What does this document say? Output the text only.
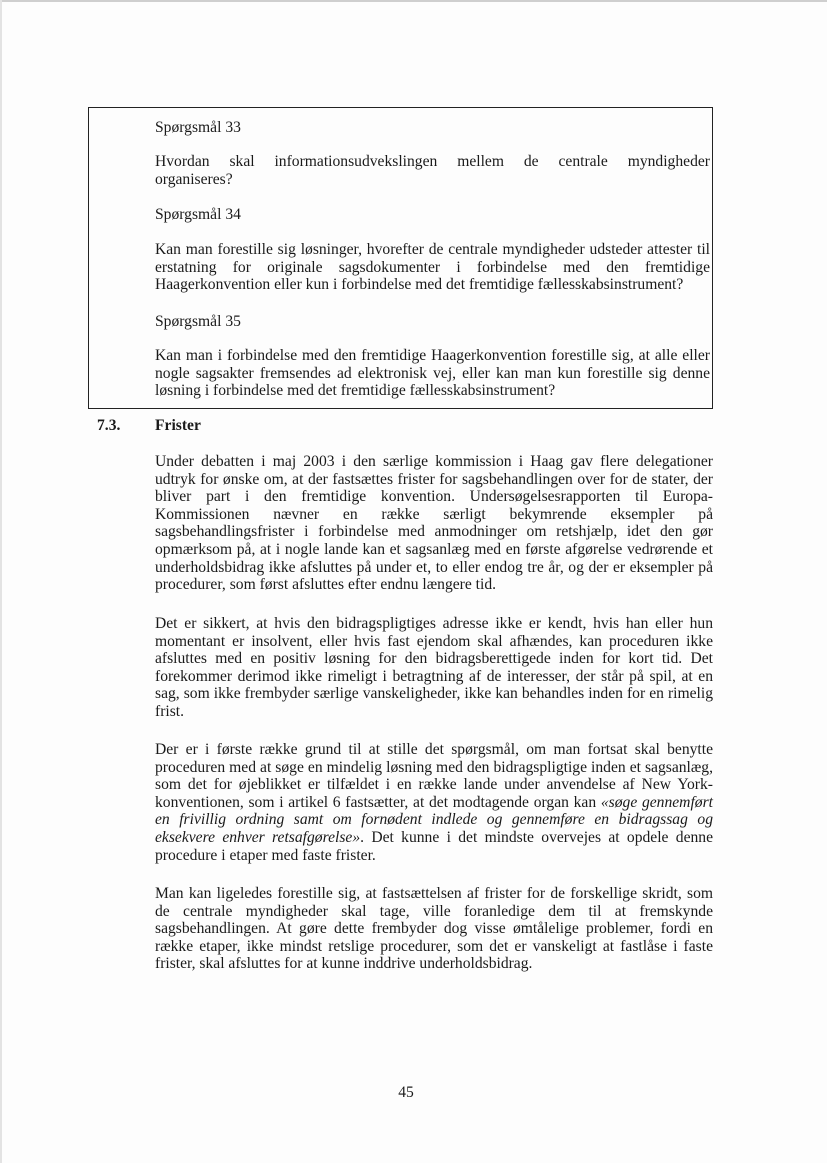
Spørgsmål 33

Hvordan skal informationsudvekslingen mellem de centrale myndigheder

organiseres?

Spørgsmål 34

Kan man forestille sig løsninger, hvorefter de centrale myndigheder udsteder attester til erstatning for originale sagsdokumenter i forbindelse med den fremtidige Haagerkonvention eller kun i forbindelse med det fremtidige fællesskabsinstrument?

Spørgsmål 35

Kan man i forbindelse med den fremtidige Haagerkonvention forestille sig, at alle eller nogle sagsakter fremsendes ad elektronisk vej, eller kan man kun forestille sig denne løsning i forbindelse med det fremtidige fællesskabsinstrument?

7.3. Frister

Under debatten i maj 2003 i den særlige kommission i Haag gav flere delegationer udtryk for ønske om, at der fastsættes frister for sagsbehandlingen over for de stater, der bliver part i den fremtidige konvention. Undersøgelsesrapporten til Europa-Kommissionen nævner en række særligt bekymrende eksempler på sagsbehandlingsfrister i forbindelse med anmodninger om retshjælp, idet den gør opmærksom på, at i nogle lande kan et sagsanlæg med en første afgørelse vedrørende et underholdsbidrag ikke afsluttes på under et, to eller endog tre år, og der er eksempler på procedurer, som først afsluttes efter endnu længere tid.

Det er sikkert, at hvis den bidragspligtiges adresse ikke er kendt, hvis han eller hun momentant er insolvent, eller hvis fast ejendom skal afhændes, kan proceduren ikke afsluttes med en positiv løsning for den bidragsberettigede inden for kort tid. Det forekommer derimod ikke rimeligt i betragtning af de interesser, der står på spil, at en sag, som ikke frembyder særlige vanskeligheder, ikke kan behandles inden for en rimelig frist.

Der er i første række grund til at stille det spørgsmål, om man fortsat skal benytte proceduren med at søge en mindelig løsning med den bidragspligtige inden et sagsanlæg, som det for øjeblikket er tilfældet i en række lande under anvendelse af New York-konventionen, som i artikel 6 fastsætter, at det modtagende organ kan «søge gennemført en frivillig ordning samt om fornødent indlede og gennemføre en bidragssag og eksekvere enhver retsafgørelse». Det kunne i det mindste overvejes at opdele denne procedure i etaper med faste frister.

Man kan ligeledes forestille sig, at fastsættelsen af frister for de forskellige skridt, som de centrale myndigheder skal tage, ville foranledige dem til at fremskynde sagsbehandlingen. At gøre dette frembyder dog visse ømtålelige problemer, fordi en række etaper, ikke mindst retslige procedurer, som det er vanskeligt at fastlåse i faste frister, skal afsluttes for at kunne inddrive underholdsbidrag.

45
